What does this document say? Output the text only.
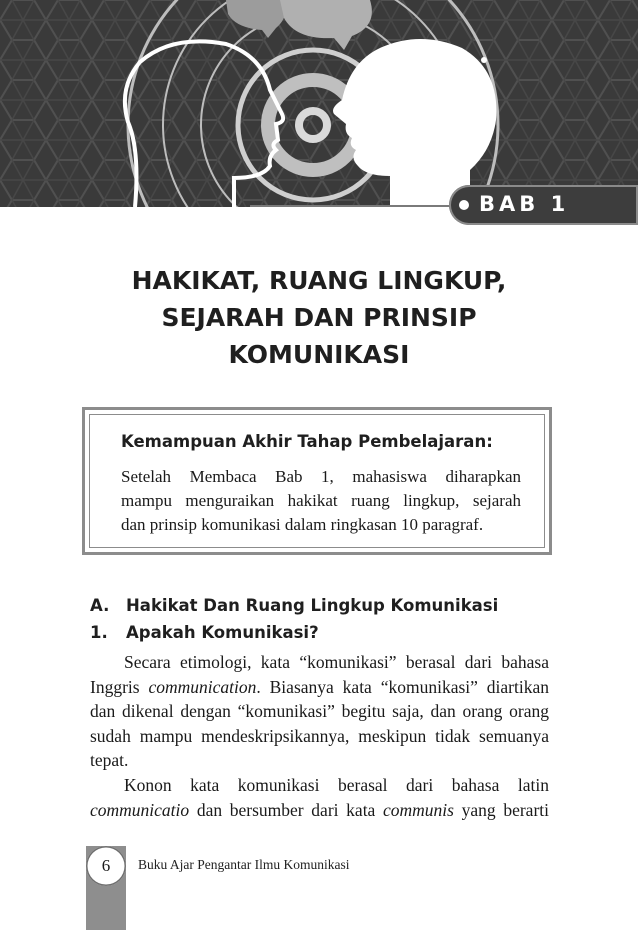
BAB 1
HAKIKAT, RUANG LINGKUP,
SEJARAH DAN PRINSIP
KOMUNIKASI
Kemampuan Akhir Tahap Pembelajaran:

Setelah Membaca Bab 1, mahasiswa diharapkan
mampu menguraikan hakikat ruang lingkup, sejarah
dan prinsip komunikasi dalam ringkasan 10 paragraf.

A. Hakikat Dan Ruang Lingkup Komunikasi
1. Apakah Komunikasi?

Secara etimologi, kata “komunikasi” berasal dari bahasa
Inggris communication. Biasanya kata “komunikasi” diartikan
dan dikenal dengan “komunikasi” begitu saja, dan orang orang
sudah mampu mendeskripsikannya, meskipun tidak semuanya
tepat.

Konon kata komunikasi berasal dari bahasa latin
communicatio dan bersumber dari kata communis yang berarti

6	Buku Ajar Pengantar Ilmu Komunikasi
